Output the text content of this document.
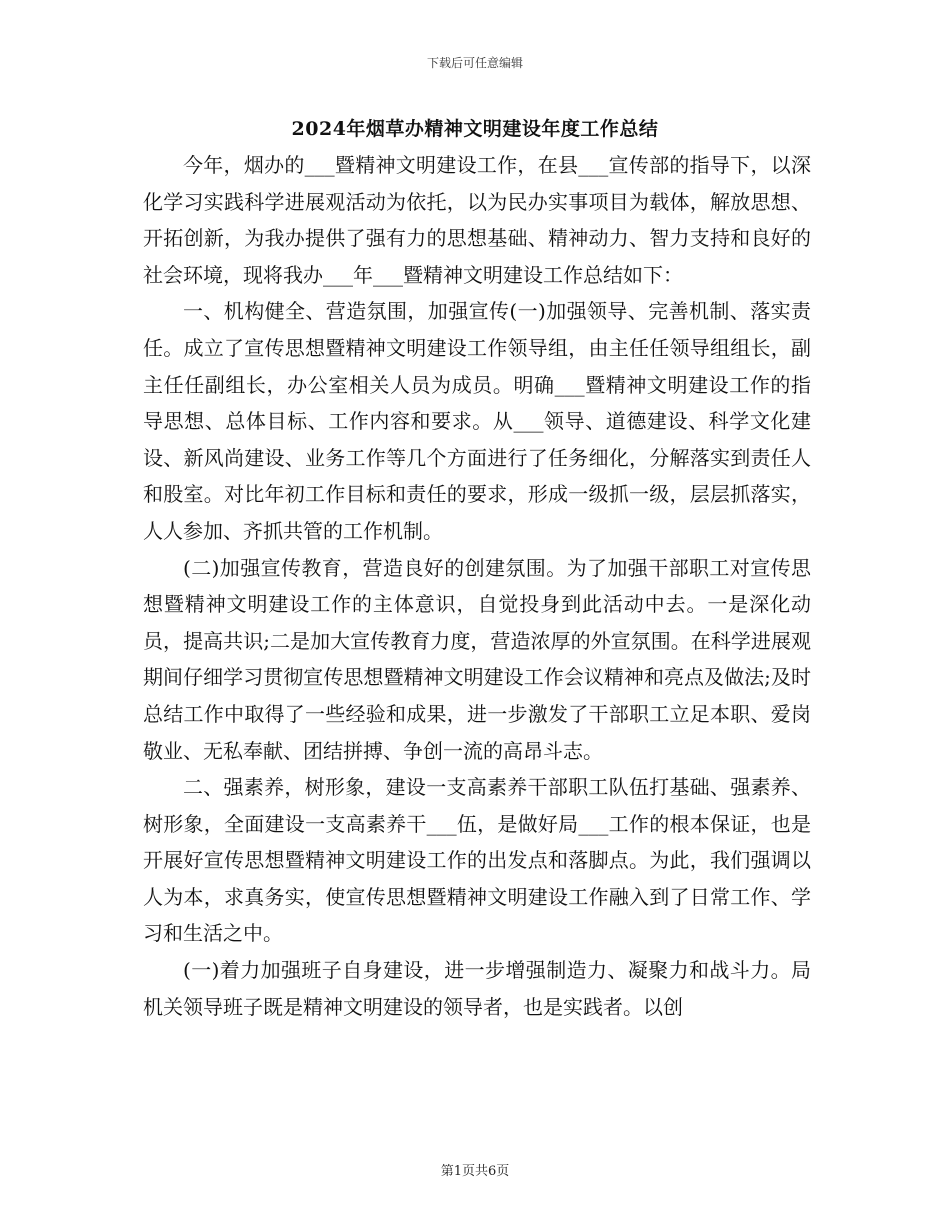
下载后可任意编辑
2024年烟草办精神文明建设年度工作总结

今年，烟办的___暨精神文明建设工作，在县___宣传部的指导下，以深化学习实践科学进展观活动为依托，以为民办实事项目为载体，解放思想、开拓创新，为我办提供了强有力的思想基础、精神动力、智力支持和良好的社会环境，现将我办___年___暨精神文明建设工作总结如下：

一、机构健全、营造氛围，加强宣传(一)加强领导、完善机制、落实责任。成立了宣传思想暨精神文明建设工作领导组，由主任任领导组组长，副主任任副组长，办公室相关人员为成员。明确___暨精神文明建设工作的指导思想、总体目标、工作内容和要求。从___领导、道德建设、科学文化建设、新风尚建设、业务工作等几个方面进行了任务细化，分解落实到责任人和股室。对比年初工作目标和责任的要求，形成一级抓一级，层层抓落实，人人参加、齐抓共管的工作机制。

(二)加强宣传教育，营造良好的创建氛围。为了加强干部职工对宣传思想暨精神文明建设工作的主体意识，自觉投身到此活动中去。一是深化动员，提高共识;二是加大宣传教育力度，营造浓厚的外宣氛围。在科学进展观期间仔细学习贯彻宣传思想暨精神文明建设工作会议精神和亮点及做法;及时总结工作中取得了一些经验和成果，进一步激发了干部职工立足本职、爱岗敬业、无私奉献、团结拼搏、争创一流的高昂斗志。

二、强素养，树形象，建设一支高素养干部职工队伍打基础、强素养、树形象，全面建设一支高素养干___伍，是做好局___工作的根本保证，也是开展好宣传思想暨精神文明建设工作的出发点和落脚点。为此，我们强调以人为本，求真务实，使宣传思想暨精神文明建设工作融入到了日常工作、学习和生活之中。

(一)着力加强班子自身建设，进一步增强制造力、凝聚力和战斗力。局机关领导班子既是精神文明建设的领导者，也是实践者。以创

第1页共6页
